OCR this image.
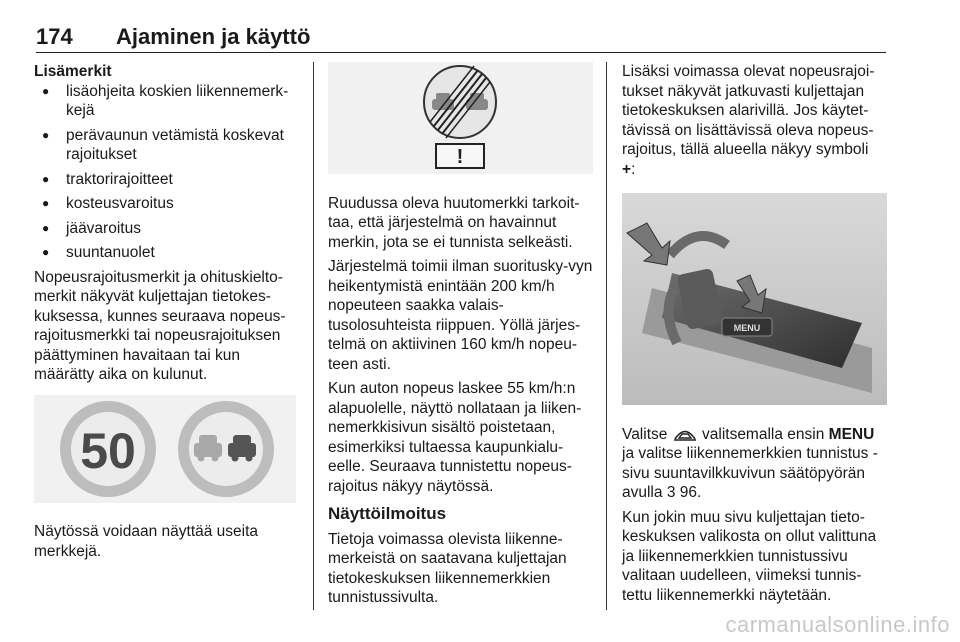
174 Ajaminen ja käyttö
Lisämerkit
● lisäohjeita koskien liikennemerk-kejä
● perävaunun vetämistä koskevat rajoitukset
● traktorirajoitteet
● kosteusvaroitus
● jäävaroitus
● suuntanuolet

Nopeusrajoitusmerkit ja ohituskielto-merkit näkyvät kuljettajan tietokes-kuksessa, kunnes seuraava nopeus-rajoitusmerkki tai nopeusrajoituksen päättyminen havaitaan tai kun määrätty aika on kulunut.

50

Näytössä voidaan näyttää useita merkkejä.

!

Ruudussa oleva huutomerkki tarkoit-taa, että järjestelmä on havainnut merkin, jota se ei tunnista selkeästi.

Järjestelmä toimii ilman suoritusky-vyn heikentymistä enintään 200 km/h nopeuteen saakka valais-tusolosuhteista riippuen. Yöllä järjes-telmä on aktiivinen 160 km/h nopeu-teen asti.

Kun auton nopeus laskee 55 km/h:n alapuolelle, näyttö nollataan ja liiken-nemerkkisivun sisältö poistetaan, esimerkiksi tultaessa kaupunkialu-eelle. Seuraava tunnistettu nopeus-rajoitus näkyy näytössä.

Näyttöilmoitus

Tietoja voimassa olevista liikenne-merkeistä on saatavana kuljettajan tietokeskuksen liikennemerkkien tunnistussivulta.

Lisäksi voimassa olevat nopeusrajoi-tukset näkyvät jatkuvasti kuljettajan tietokeskuksen alarivillä. Jos käytet-tävissä on lisättävissä oleva nopeus-rajoitus, tällä alueella näkyy symboli
+:

MENU

Valitse valitsemalla ensin MENU ja valitse liikennemerkkien tunnistus -sivu suuntavilkkuvivun säätöpyörän avulla 3 96.

Kun jokin muu sivu kuljettajan tieto-keskuksen valikosta on ollut valittuna ja liikennemerkkien tunnistussivu valitaan uudelleen, viimeksi tunnis-tettu liikennemerkki näytetään.

carmanualsonline.info
